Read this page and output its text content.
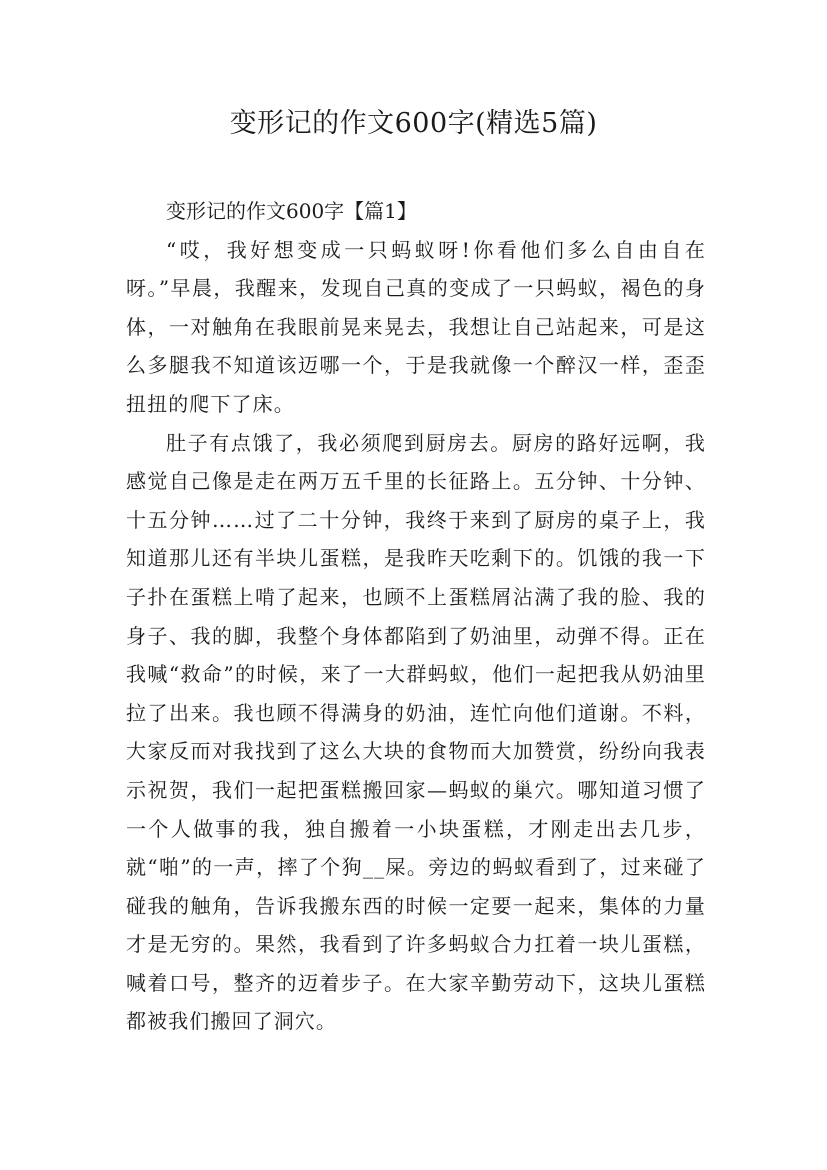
变形记的作文600字(精选5篇)

变形记的作文600字【篇1】

“哎，我好想变成一只蚂蚁呀!你看他们多么自由自在呀。”早晨，我醒来，发现自己真的变成了一只蚂蚁，褐色的身体，一对触角在我眼前晃来晃去，我想让自己站起来，可是这么多腿我不知道该迈哪一个，于是我就像一个醉汉一样，歪歪扭扭的爬下了床。

肚子有点饿了，我必须爬到厨房去。厨房的路好远啊，我感觉自己像是走在两万五千里的长征路上。五分钟、十分钟、十五分钟……过了二十分钟，我终于来到了厨房的桌子上，我知道那儿还有半块儿蛋糕，是我昨天吃剩下的。饥饿的我一下子扑在蛋糕上啃了起来，也顾不上蛋糕屑沾满了我的脸、我的身子、我的脚，我整个身体都陷到了奶油里，动弹不得。正在我喊“救命”的时候，来了一大群蚂蚁，他们一起把我从奶油里拉了出来。我也顾不得满身的奶油，连忙向他们道谢。不料，大家反而对我找到了这么大块的食物而大加赞赏，纷纷向我表示祝贺，我们一起把蛋糕搬回家—蚂蚁的巢穴。哪知道习惯了一个人做事的我，独自搬着一小块蛋糕，才刚走出去几步，就“啪”的一声，摔了个狗__屎。旁边的蚂蚁看到了，过来碰了碰我的触角，告诉我搬东西的时候一定要一起来，集体的力量才是无穷的。果然，我看到了许多蚂蚁合力扛着一块儿蛋糕，喊着口号，整齐的迈着步子。在大家辛勤劳动下，这块儿蛋糕都被我们搬回了洞穴。
